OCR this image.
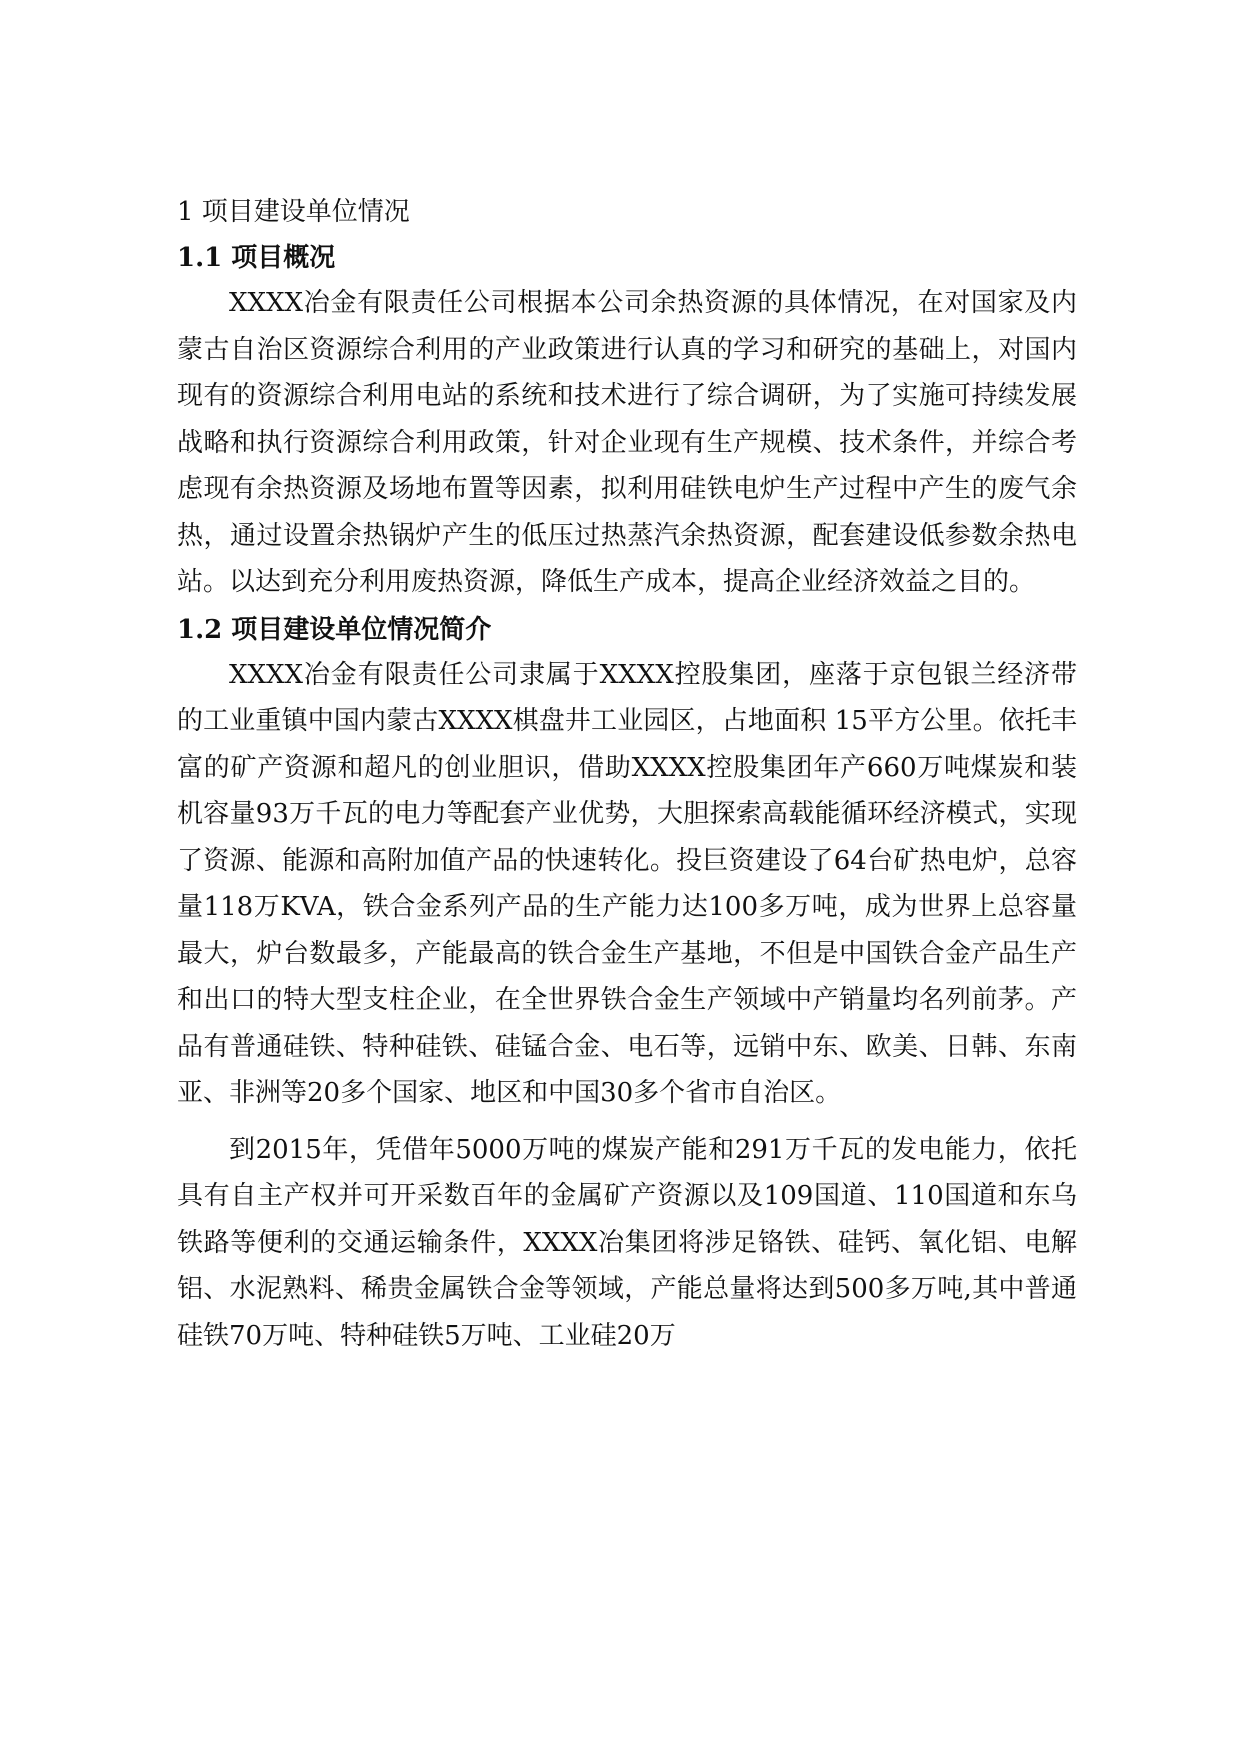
1 项目建设单位情况
1.1 项目概况

XXXX冶金有限责任公司根据本公司余热资源的具体情况，在对国家及内蒙古自治区资源综合利用的产业政策进行认真的学习和研究的基础上，对国内现有的资源综合利用电站的系统和技术进行了综合调研，为了实施可持续发展战略和执行资源综合利用政策，针对企业现有生产规模、技术条件，并综合考虑现有余热资源及场地布置等因素，拟利用硅铁电炉生产过程中产生的废气余热，通过设置余热锅炉产生的低压过热蒸汽余热资源，配套建设低参数余热电站。以达到充分利用废热资源，降低生产成本，提高企业经济效益之目的。

1.2 项目建设单位情况简介

XXXX冶金有限责任公司隶属于XXXX控股集团，座落于京包银兰经济带的工业重镇中国内蒙古XXXX棋盘井工业园区，占地面积 15平方公里。依托丰富的矿产资源和超凡的创业胆识，借助XXXX控股集团年产660万吨煤炭和装机容量93万千瓦的电力等配套产业优势，大胆探索高载能循环经济模式，实现了资源、能源和高附加值产品的快速转化。投巨资建设了64台矿热电炉，总容量118万KVA，铁合金系列产品的生产能力达100多万吨，成为世界上总容量最大，炉台数最多，产能最高的铁合金生产基地，不但是中国铁合金产品生产和出口的特大型支柱企业，在全世界铁合金生产领域中产销量均名列前茅。产品有普通硅铁、特种硅铁、硅锰合金、电石等，远销中东、欧美、日韩、东南亚、非洲等20多个国家、地区和中国30多个省市自治区。

到2015年，凭借年5000万吨的煤炭产能和291万千瓦的发电能力，依托具有自主产权并可开采数百年的金属矿产资源以及109国道、110国道和东乌铁路等便利的交通运输条件，XXXX冶集团将涉足铬铁、硅钙、氧化铝、电解铝、水泥熟料、稀贵金属铁合金等领域，产能总量将达到500多万吨,其中普通硅铁70万吨、特种硅铁5万吨、工业硅20万
